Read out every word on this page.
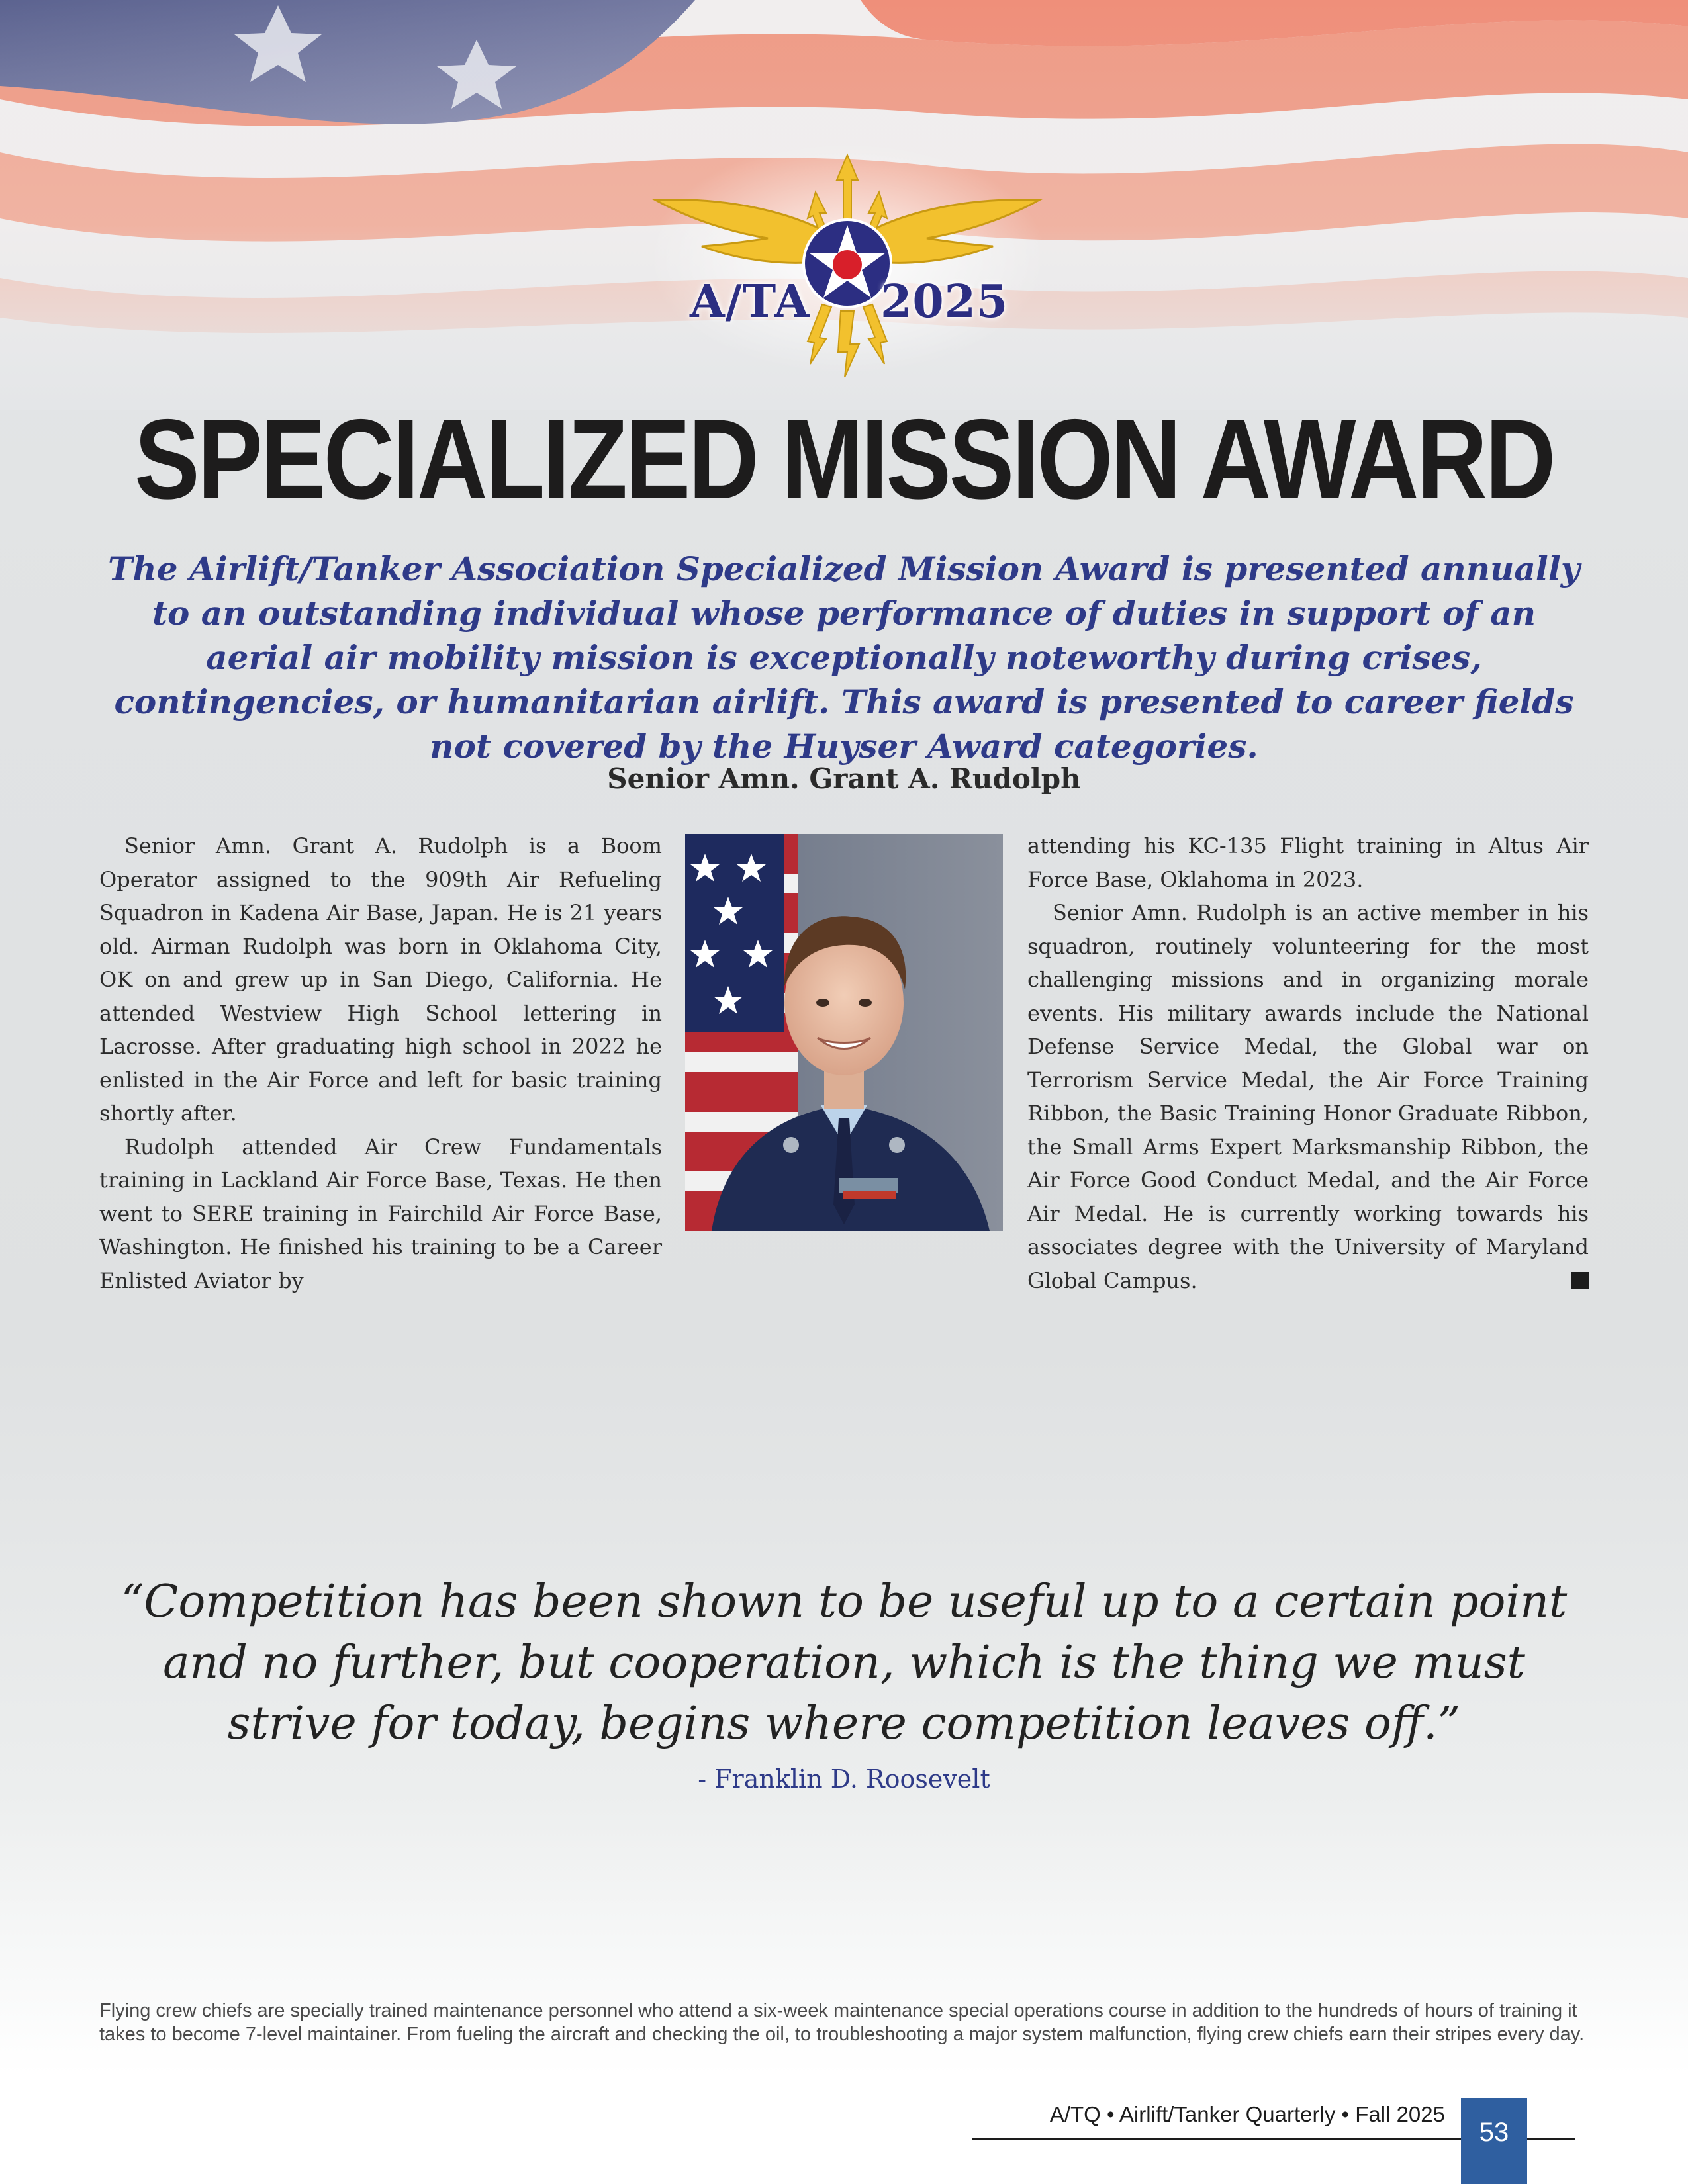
A/TA 2025
SPECIALIZED MISSION AWARD

The Airlift/Tanker Association Specialized Mission Award is presented annually to an outstanding individual whose performance of duties in support of an aerial air mobility mission is exceptionally noteworthy during crises, contingencies, or humanitarian airlift. This award is presented to career fields not covered by the Huyser Award categories.

Senior Amn. Grant A. Rudolph

Senior Amn. Grant A. Rudolph is a Boom Operator assigned to the 909th Air Refueling Squadron in Kadena Air Base, Japan. He is 21 years old. Airman Rudolph was born in Oklahoma City, OK on and grew up in San Diego, California. He attended Westview High School lettering in Lacrosse. After graduating high school in 2022 he enlisted in the Air Force and left for basic training shortly after.

Rudolph attended Air Crew Fundamentals training in Lackland Air Force Base, Texas. He then went to SERE training in Fairchild Air Force Base, Washington. He finished his training to be a Career Enlisted Aviator by

attending his KC-135 Flight training in Altus Air Force Base, Oklahoma in 2023.

Senior Amn. Rudolph is an active member in his squadron, routinely volunteering for the most challenging missions and in organizing morale events. His military awards include the National Defense Service Medal, the Global war on Terrorism Service Medal, the Air Force Training Ribbon, the Basic Training Honor Graduate Ribbon, the Small Arms Expert Marksmanship Ribbon, the Air Force Good Conduct Medal, and the Air Force Air Medal. He is currently working towards his associates degree with the University of Maryland Global Campus.

“Competition has been shown to be useful up to a certain point and no further, but cooperation, which is the thing we must strive for today, begins where competition leaves off.”

- Franklin D. Roosevelt

Flying crew chiefs are specially trained maintenance personnel who attend a six-week maintenance special operations course in addition to the hundreds of hours of training it takes to become 7-level maintainer. From fueling the aircraft and checking the oil, to troubleshooting a major system malfunction, flying crew chiefs earn their stripes every day.

A/TQ • Airlift/Tanker Quarterly • Fall 2025
53
